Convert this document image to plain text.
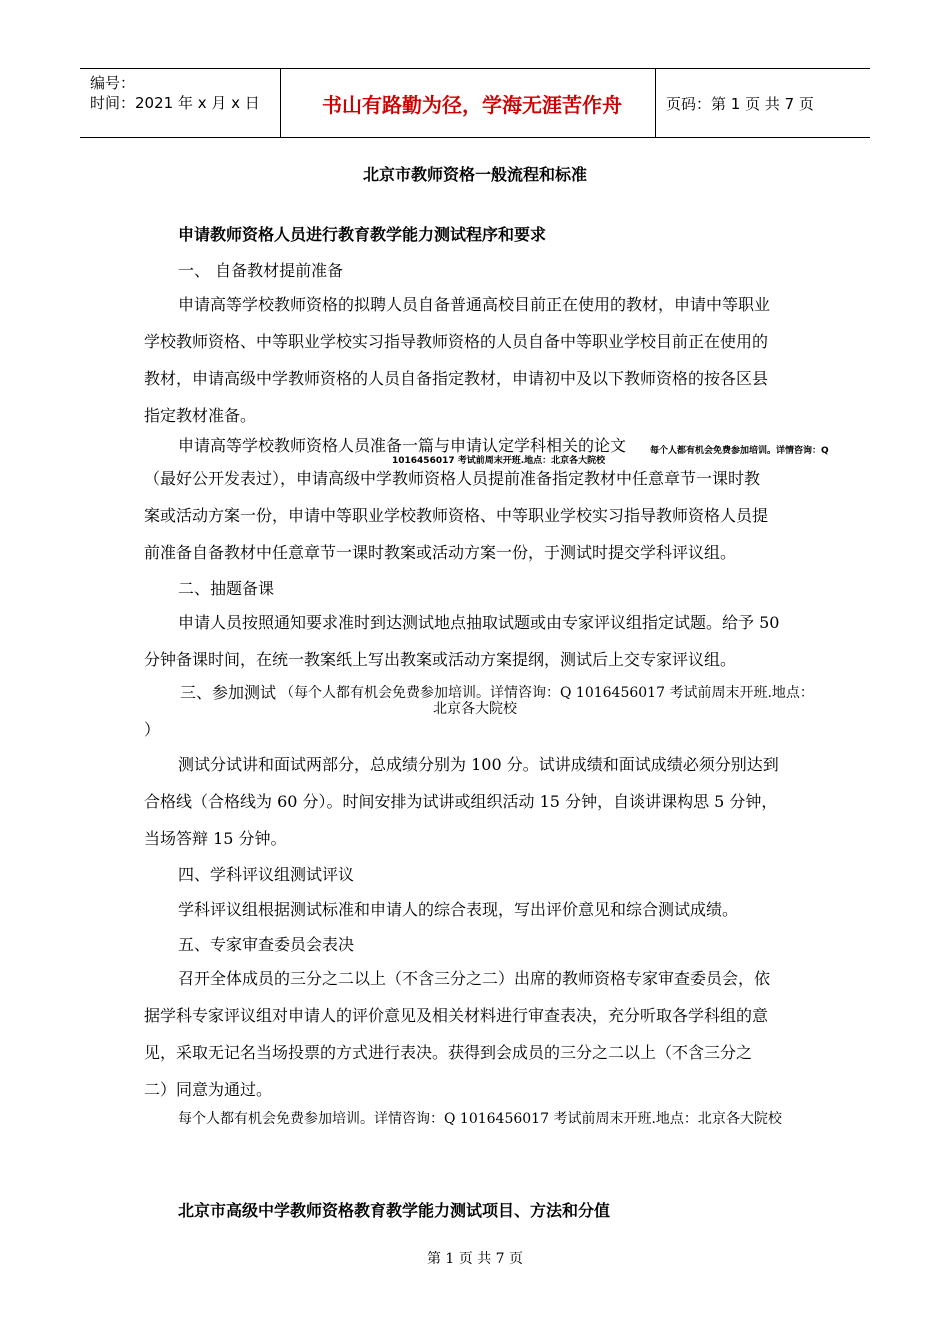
编号：
时间：2021 年 x 月 x 日	书山有路勤为径，学海无涯苦作舟	页码：第 1 页 共 7 页
北京市教师资格一般流程和标准
申请教师资格人员进行教育教学能力测试程序和要求
一、 自备教材提前准备
申请高等学校教师资格的拟聘人员自备普通高校目前正在使用的教材，申请中等职业
学校教师资格、中等职业学校实习指导教师资格的人员自备中等职业学校目前正在使用的
教材，申请高级中学教师资格的人员自备指定教材，申请初中及以下教师资格的按各区县
指定教材准备。
申请高等学校教师资格人员准备一篇与申请认定学科相关的论文	每个人都有机会免费参加培训。详情咨询：Q
1016456017 考试前周末开班.地点：北京各大院校
（最好公开发表过），申请高级中学教师资格人员提前准备指定教材中任意章节一课时教
案或活动方案一份，申请中等职业学校教师资格、中等职业学校实习指导教师资格人员提
前准备自备教材中任意章节一课时教案或活动方案一份，于测试时提交学科评议组。
二、抽题备课
申请人员按照通知要求准时到达测试地点抽取试题或由专家评议组指定试题。给予 50
分钟备课时间，在统一教案纸上写出教案或活动方案提纲，测试后上交专家评议组。
三、参加测试 （每个人都有机会免费参加培训。详情咨询：Q 1016456017 考试前周末开班.地点：
北京各大院校
）
测试分试讲和面试两部分，总成绩分别为 100 分。试讲成绩和面试成绩必须分别达到
合格线（合格线为 60 分）。时间安排为试讲或组织活动 15 分钟，自谈讲课构思 5 分钟，
当场答辩 15 分钟。
四、学科评议组测试评议
学科评议组根据测试标准和申请人的综合表现，写出评价意见和综合测试成绩。
五、专家审查委员会表决
召开全体成员的三分之二以上（不含三分之二）出席的教师资格专家审查委员会，依
据学科专家评议组对申请人的评价意见及相关材料进行审查表决，充分听取各学科组的意
见，采取无记名当场投票的方式进行表决。获得到会成员的三分之二以上（不含三分之
二）同意为通过。
每个人都有机会免费参加培训。详情咨询：Q 1016456017 考试前周末开班.地点：北京各大院校
北京市高级中学教师资格教育教学能力测试项目、方法和分值
第 1 页 共 7 页
